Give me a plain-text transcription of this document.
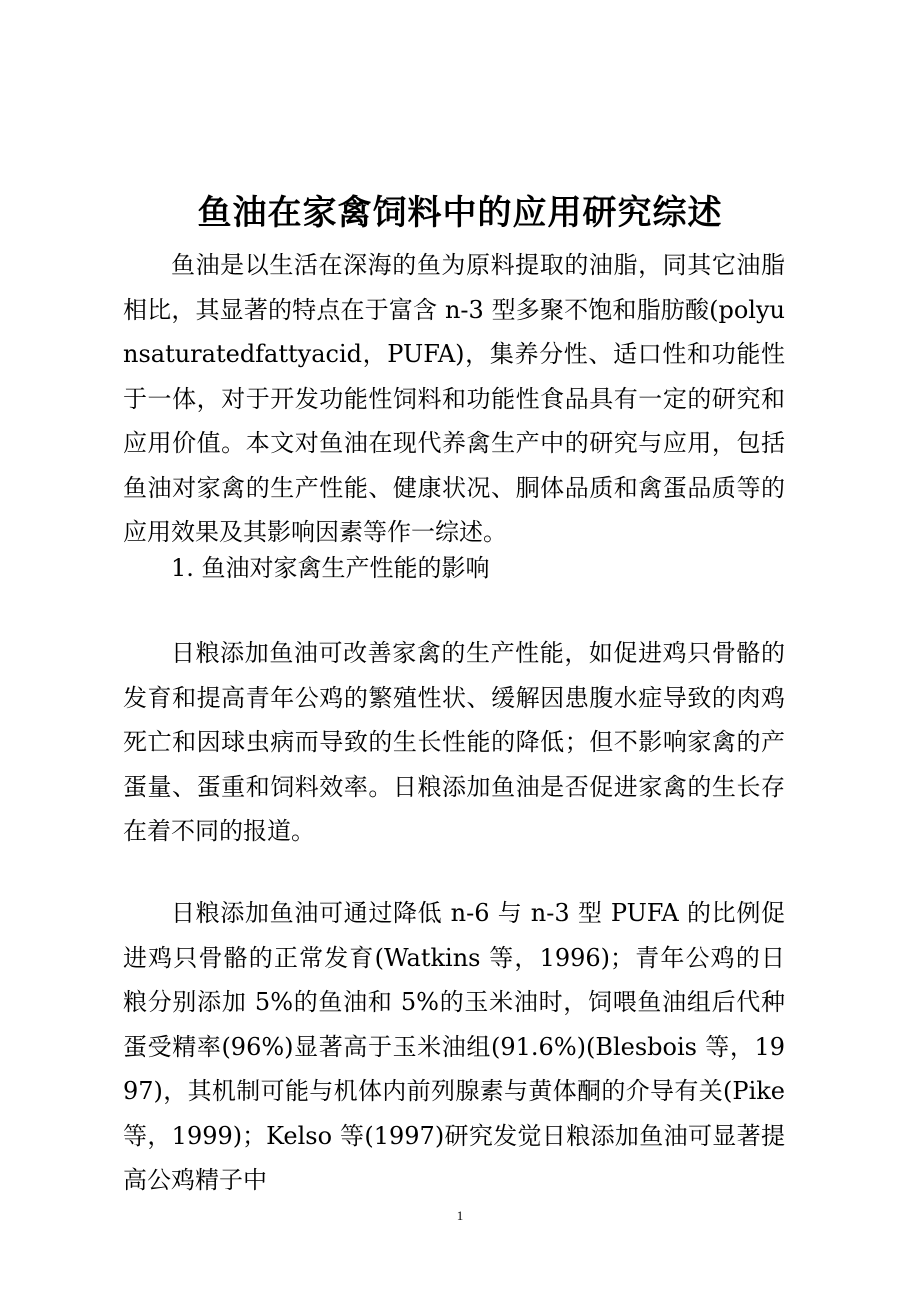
鱼油在家禽饲料中的应用研究综述

鱼油是以生活在深海的鱼为原料提取的油脂，同其它油脂相比，其显著的特点在于富含 n-3 型多聚不饱和脂肪酸(polyunsaturatedfattyacid，PUFA)，集养分性、适口性和功能性于一体，对于开发功能性饲料和功能性食品具有一定的研究和应用价值。本文对鱼油在现代养禽生产中的研究与应用，包括鱼油对家禽的生产性能、健康状况、胴体品质和禽蛋品质等的应用效果及其影响因素等作一综述。

1. 鱼油对家禽生产性能的影响

日粮添加鱼油可改善家禽的生产性能，如促进鸡只骨骼的发育和提高青年公鸡的繁殖性状、缓解因患腹水症导致的肉鸡死亡和因球虫病而导致的生长性能的降低；但不影响家禽的产蛋量、蛋重和饲料效率。日粮添加鱼油是否促进家禽的生长存在着不同的报道。

日粮添加鱼油可通过降低 n-6 与 n-3 型 PUFA 的比例促进鸡只骨骼的正常发育(Watkins 等，1996)；青年公鸡的日粮分别添加 5%的鱼油和 5%的玉米油时，饲喂鱼油组后代种蛋受精率(96%)显著高于玉米油组(91.6%)(Blesbois 等，1997)，其机制可能与机体内前列腺素与黄体酮的介导有关(Pike 等，1999)；Kelso 等(1997)研究发觉日粮添加鱼油可显著提高公鸡精子中

1
